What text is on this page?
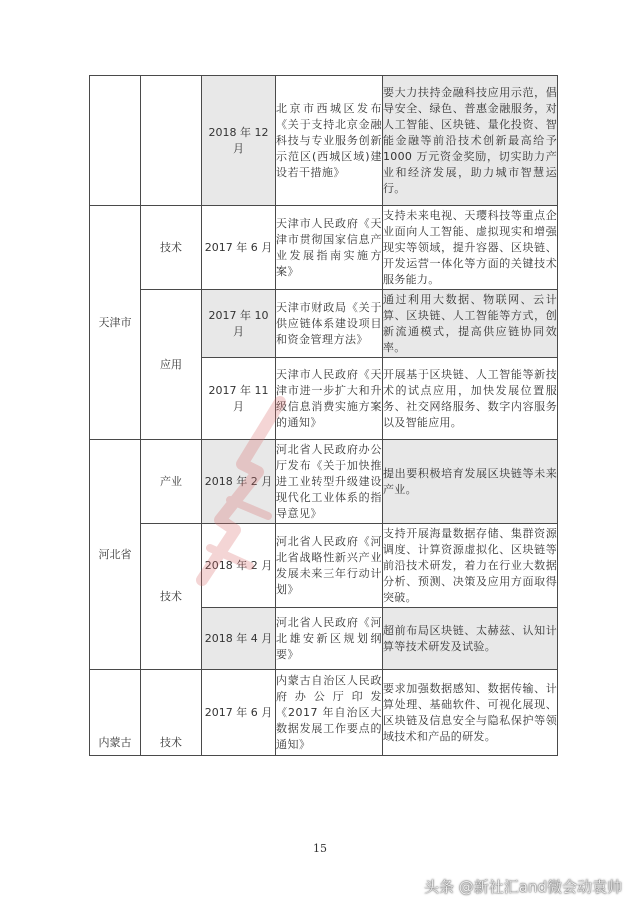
		2018 年 12 月	北京市西城区发布《关于支持北京金融科技与专业服务创新示范区(西城区域)建设若干措施》	要大力扶持金融科技应用示范，倡导安全、绿色、普惠金融服务，对人工智能、区块链、量化投资、智能金融等前沿技术创新最高给予 1000 万元资金奖励，切实助力产业和经济发展，助力城市智慧运行。
天津市	技术	2017 年 6 月	天津市人民政府《天津市贯彻国家信息产业发展指南实施方案》	支持未来电视、天璎科技等重点企业面向人工智能、虚拟现实和增强现实等领域，提升容器、区块链、开发运营一体化等方面的关键技术服务能力。
	应用	2017 年 10 月	天津市财政局《关于供应链体系建设项目和资金管理方法》	通过利用大数据、物联网、云计算、区块链、人工智能等方式，创新流通模式，提高供应链协同效率。
		2017 年 11 月	天津市人民政府《天津市进一步扩大和升级信息消费实施方案的通知》	开展基于区块链、人工智能等新技术的试点应用，加快发展位置服务、社交网络服务、数字内容服务以及智能应用。
河北省	产业	2018 年 2 月	河北省人民政府办公厅发布《关于加快推进工业转型升级建设现代化工业体系的指导意见》	提出要积极培育发展区块链等未来产业。
	技术	2018 年 2 月	河北省人民政府《河北省战略性新兴产业发展未来三年行动计划》	支持开展海量数据存储、集群资源调度、计算资源虚拟化、区块链等前沿技术研发，着力在行业大数据分析、预测、决策及应用方面取得突破。
		2018 年 4 月	河北省人民政府《河北雄安新区规划纲要》	超前布局区块链、太赫兹、认知计算等技术研发及试验。
内蒙古	技术	2017 年 6 月	内蒙古自治区人民政府办公厅印发《2017 年自治区大数据发展工作要点的通知》	要求加强数据感知、数据传输、计算处理、基础软件、可视化展现、区块链及信息安全与隐私保护等领域技术和产品的研发。
15
头条 @新社汇and微会动袁帅
